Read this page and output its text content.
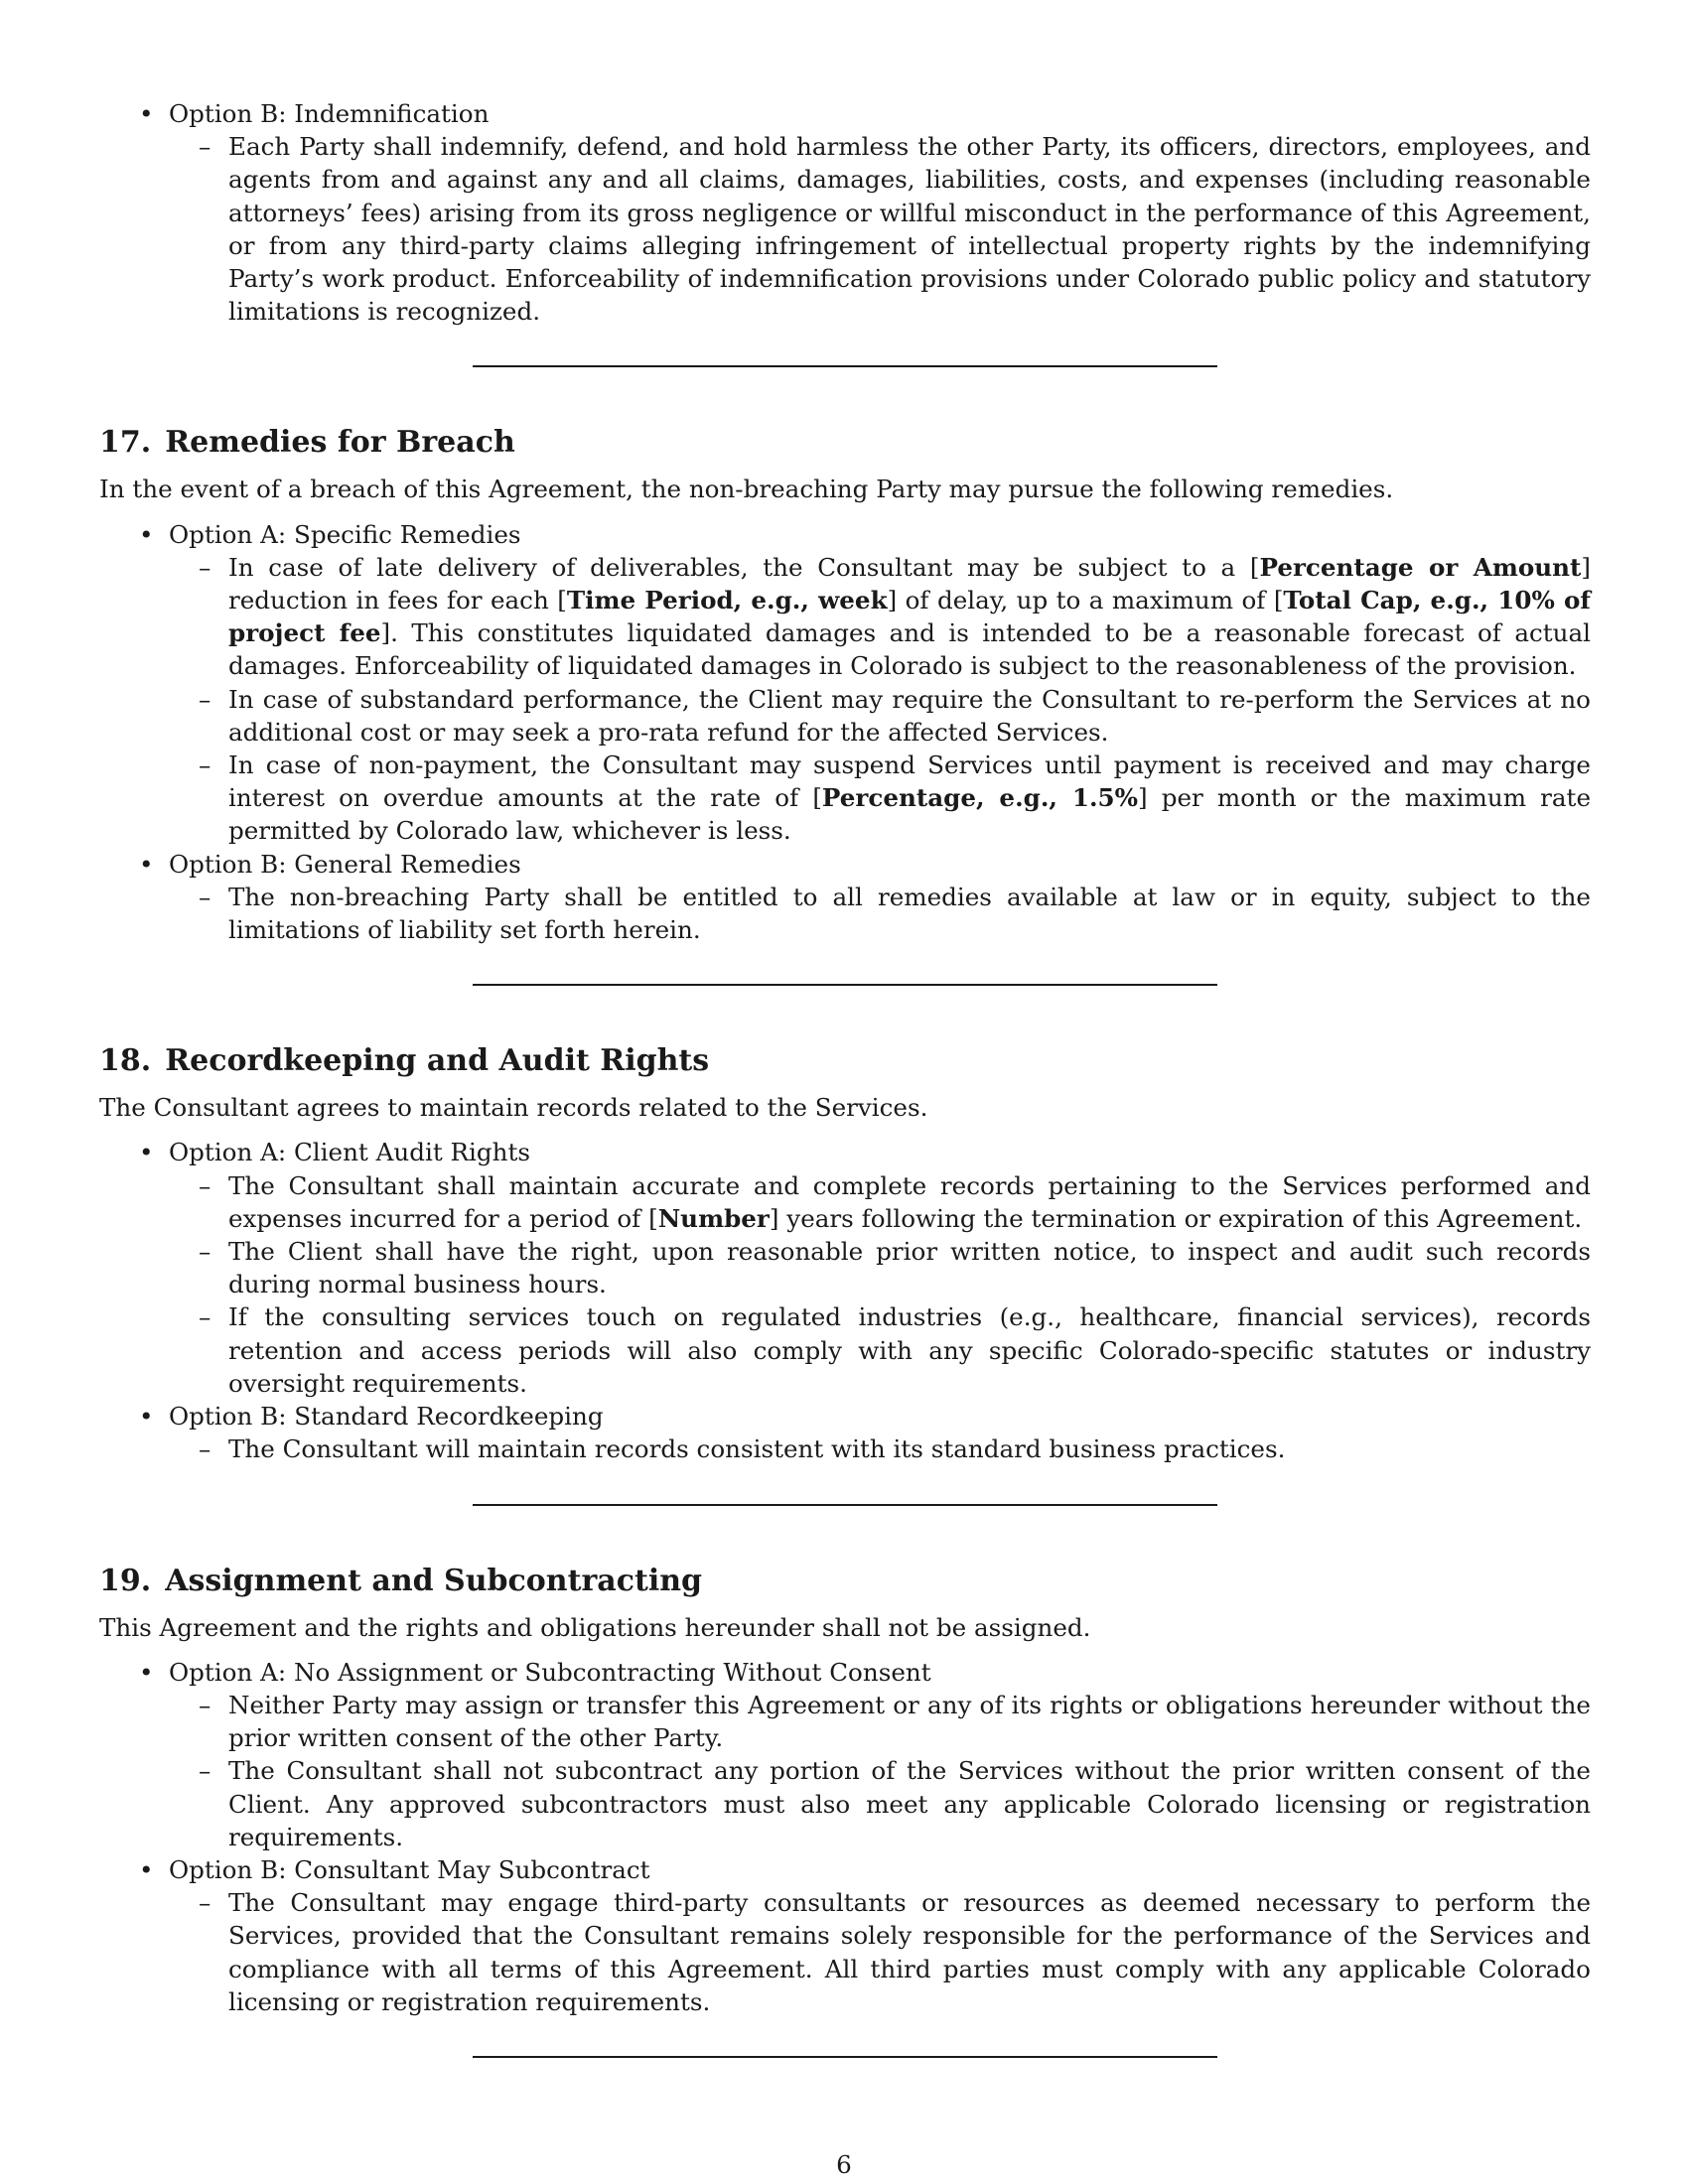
• Option B: Indemnification
– Each Party shall indemnify, defend, and hold harmless the other Party, its officers, directors, employees, and agents from and against any and all claims, damages, liabilities, costs, and expenses (including reasonable attorneys’ fees) arising from its gross negligence or willful misconduct in the performance of this Agreement, or from any third-party claims alleging infringement of intellectual property rights by the indemnifying Party’s work product. Enforceability of indemnification provisions under Colorado public policy and statutory limitations is recognized.
17. Remedies for Breach

In the event of a breach of this Agreement, the non-breaching Party may pursue the following remedies.

• Option A: Specific Remedies
– In case of late delivery of deliverables, the Consultant may be subject to a [Percentage or Amount] reduction in fees for each [Time Period, e.g., week] of delay, up to a maximum of [Total Cap, e.g., 10% of project fee]. This constitutes liquidated damages and is intended to be a reasonable forecast of actual damages. Enforceability of liquidated damages in Colorado is subject to the reasonableness of the provision.
– In case of substandard performance, the Client may require the Consultant to re-perform the Services at no additional cost or may seek a pro-rata refund for the affected Services.
– In case of non-payment, the Consultant may suspend Services until payment is received and may charge interest on overdue amounts at the rate of [Percentage, e.g., 1.5%] per month or the maximum rate permitted by Colorado law, whichever is less.
• Option B: General Remedies
– The non-breaching Party shall be entitled to all remedies available at law or in equity, subject to the limitations of liability set forth herein.
18. Recordkeeping and Audit Rights

The Consultant agrees to maintain records related to the Services.

• Option A: Client Audit Rights
– The Consultant shall maintain accurate and complete records pertaining to the Services performed and expenses incurred for a period of [Number] years following the termination or expiration of this Agreement.
– The Client shall have the right, upon reasonable prior written notice, to inspect and audit such records during normal business hours.
– If the consulting services touch on regulated industries (e.g., healthcare, financial services), records retention and access periods will also comply with any specific Colorado-specific statutes or industry oversight requirements.
• Option B: Standard Recordkeeping
– The Consultant will maintain records consistent with its standard business practices.
19. Assignment and Subcontracting

This Agreement and the rights and obligations hereunder shall not be assigned.

• Option A: No Assignment or Subcontracting Without Consent
– Neither Party may assign or transfer this Agreement or any of its rights or obligations hereunder without the prior written consent of the other Party.
– The Consultant shall not subcontract any portion of the Services without the prior written consent of the Client. Any approved subcontractors must also meet any applicable Colorado licensing or registration requirements.
• Option B: Consultant May Subcontract
– The Consultant may engage third-party consultants or resources as deemed necessary to perform the Services, provided that the Consultant remains solely responsible for the performance of the Services and compliance with all terms of this Agreement. All third parties must comply with any applicable Colorado licensing or registration requirements.
6
